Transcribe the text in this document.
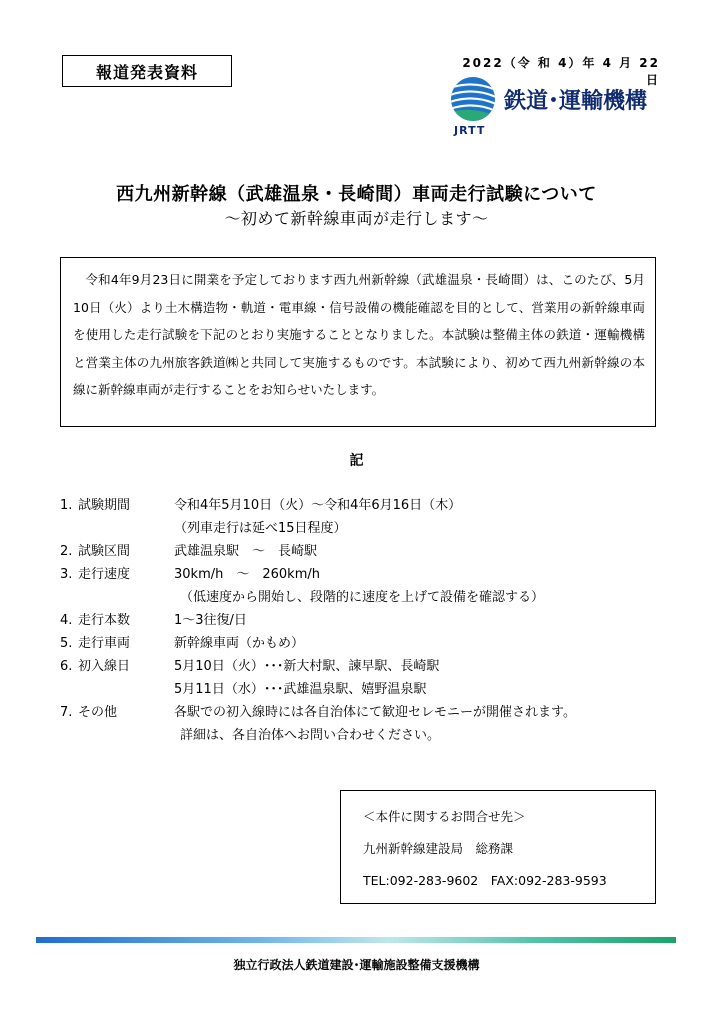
報道発表資料	2022（令 和 4）年 4 月 22 日
鉄道･運輸機構
JRTT
西九州新幹線（武雄温泉・長崎間）車両走行試験について
～初めて新幹線車両が走行します～
令和4年9月23日に開業を予定しております西九州新幹線（武雄温泉・長崎間）は、このたび、5月10日（火）より土木構造物・軌道・電車線・信号設備の機能確認を目的として、営業用の新幹線車両を使用した走行試験を下記のとおり実施することとなりました。本試験は整備主体の鉄道・運輸機構と営業主体の九州旅客鉄道㈱と共同して実施するものです。本試験により、初めて西九州新幹線の本線に新幹線車両が走行することをお知らせいたします。
記
1. 試験期間	令和4年5月10日（火）～令和4年6月16日（木）
（列車走行は延べ15日程度）
2. 試験区間	武雄温泉駅　～　長崎駅
3. 走行速度	30km/h　～　260km/h
（低速度から開始し、段階的に速度を上げて設備を確認する）
4. 走行本数	1～3往復/日
5. 走行車両	新幹線車両（かもめ）
6. 初入線日	5月10日（火）･･･新大村駅、諫早駅、長崎駅
5月11日（水）･･･武雄温泉駅、嬉野温泉駅
7. その他	各駅での初入線時には各自治体にて歓迎セレモニーが開催されます。
詳細は、各自治体へお問い合わせください。
＜本件に関するお問合せ先＞
九州新幹線建設局　総務課
TEL:092-283-9602　FAX:092-283-9593
独立行政法人鉄道建設･運輸施設整備支援機構
